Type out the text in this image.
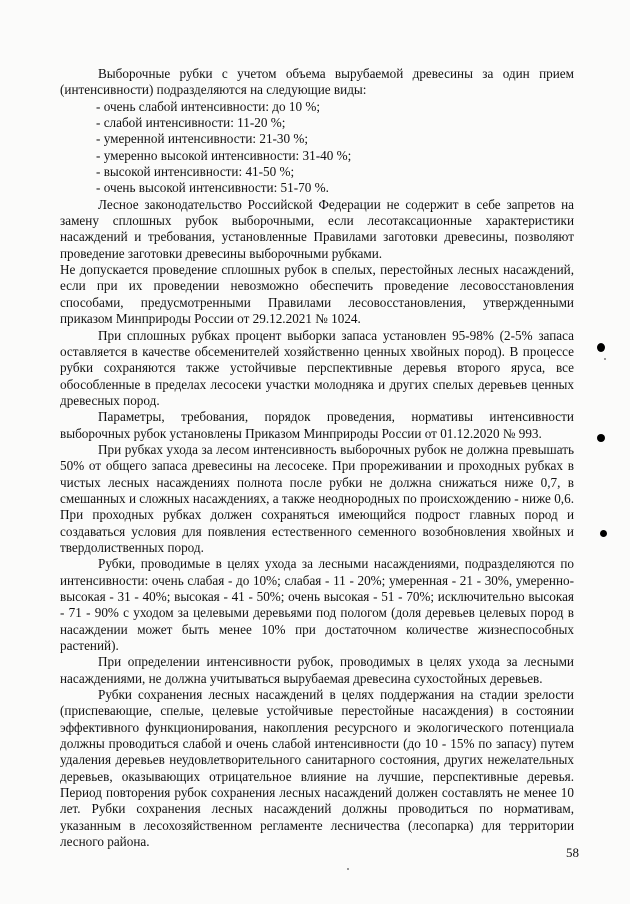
Выборочные рубки с учетом объема вырубаемой древесины за один прием (интенсивности) подразделяются на следующие виды:

- очень слабой интенсивности: до 10 %;
- слабой интенсивности: 11-20 %;
- умеренной интенсивности: 21-30 %;
- умеренно высокой интенсивности: 31-40 %;
- высокой интенсивности: 41-50 %;
- очень высокой интенсивности: 51-70 %.

Лесное законодательство Российской Федерации не содержит в себе запретов на замену сплошных рубок выборочными, если лесотаксационные характеристики насаждений и требования, установленные Правилами заготовки древесины, позволяют проведение заготовки древесины выборочными рубками.

Не допускается проведение сплошных рубок в спелых, перестойных лесных насаждений, если при их проведении невозможно обеспечить проведение лесовосстановления способами, предусмотренными Правилами лесовосстановления, утвержденными приказом Минприроды России от 29.12.2021 № 1024.

При сплошных рубках процент выборки запаса установлен 95-98% (2-5% запаса оставляется в качестве обсеменителей хозяйственно ценных хвойных пород). В процессе рубки сохраняются также устойчивые перспективные деревья второго яруса, все обособленные в пределах лесосеки участки молодняка и других спелых деревьев ценных древесных пород.

Параметры, требования, порядок проведения, нормативы интенсивности выборочных рубок установлены Приказом Минприроды России от 01.12.2020 № 993.

При рубках ухода за лесом интенсивность выборочных рубок не должна превышать 50% от общего запаса древесины на лесосеке. При прореживании и проходных рубках в чистых лесных насаждениях полнота после рубки не должна снижаться ниже 0,7, в смешанных и сложных насаждениях, а также неоднородных по происхождению - ниже 0,6. При проходных рубках должен сохраняться имеющийся подрост главных пород и создаваться условия для появления естественного семенного возобновления хвойных и твердолиственных пород.

Рубки, проводимые в целях ухода за лесными насаждениями, подразделяются по интенсивности: очень слабая - до 10%; слабая - 11 - 20%; умеренная - 21 - 30%, умеренно-высокая - 31 - 40%; высокая - 41 - 50%; очень высокая - 51 - 70%; исключительно высокая - 71 - 90% с уходом за целевыми деревьями под пологом (доля деревьев целевых пород в насаждении может быть менее 10% при достаточном количестве жизнеспособных растений).

При определении интенсивности рубок, проводимых в целях ухода за лесными насаждениями, не должна учитываться вырубаемая древесина сухостойных деревьев.

Рубки сохранения лесных насаждений в целях поддержания на стадии зрелости (приспевающие, спелые, целевые устойчивые перестойные насаждения) в состоянии эффективного функционирования, накопления ресурсного и экологического потенциала должны проводиться слабой и очень слабой интенсивности (до 10 - 15% по запасу) путем удаления деревьев неудовлетворительного санитарного состояния, других нежелательных деревьев, оказывающих отрицательное влияние на лучшие, перспективные деревья. Период повторения рубок сохранения лесных насаждений должен составлять не менее 10 лет. Рубки сохранения лесных насаждений должны проводиться по нормативам, указанным в лесохозяйственном регламенте лесничества (лесопарка) для территории лесного района.

58
